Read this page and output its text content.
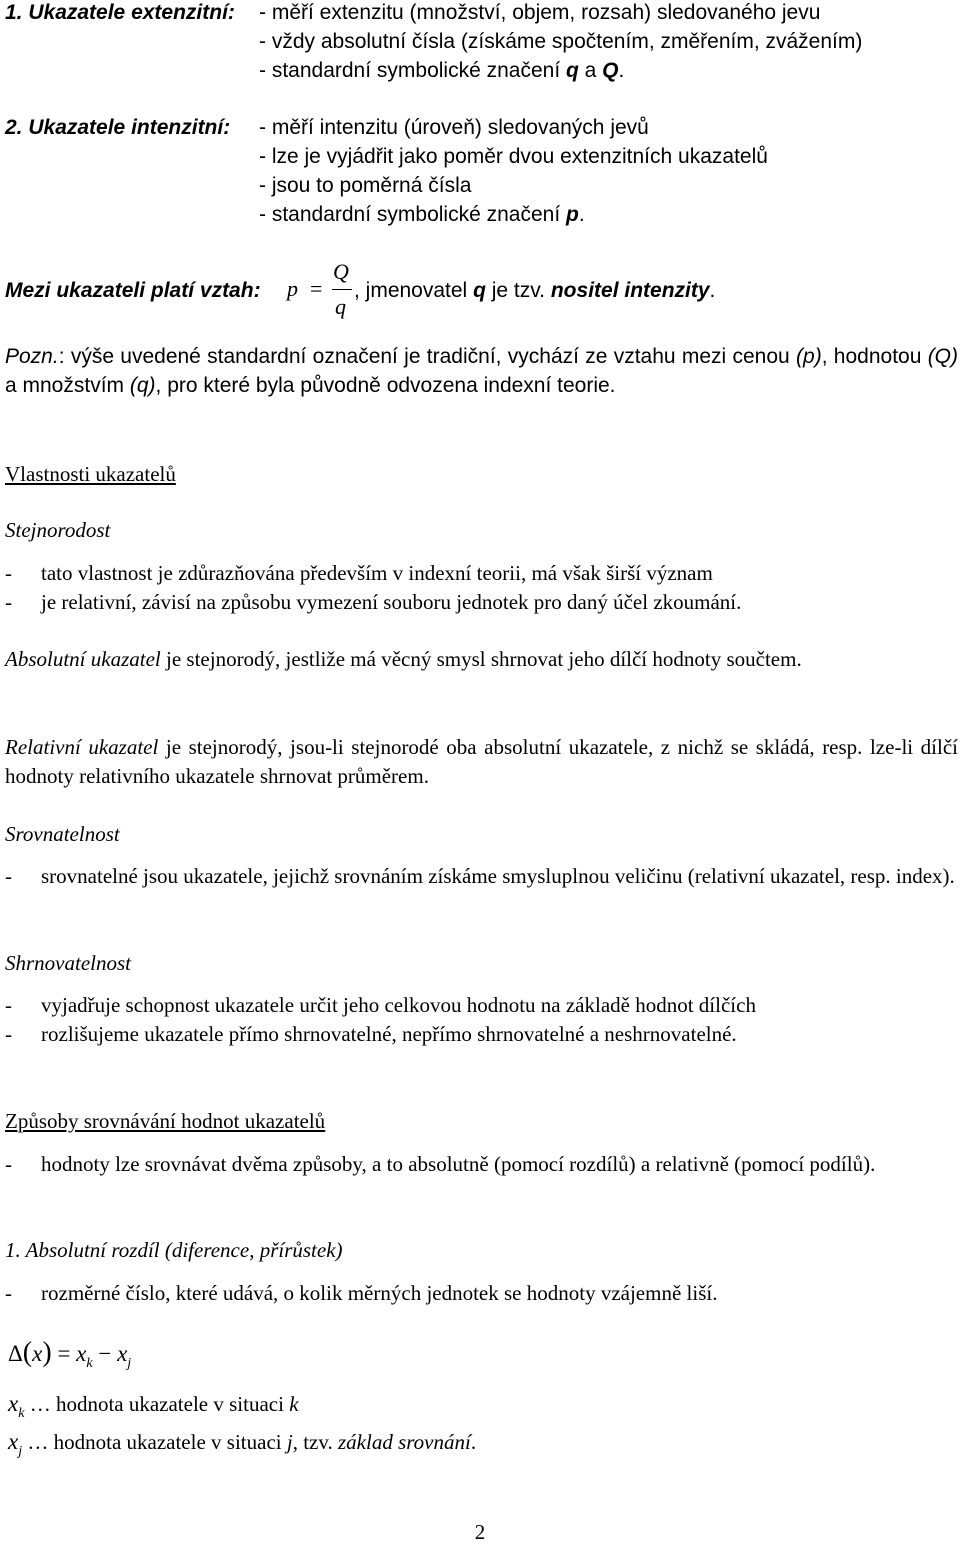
1. Ukazatele extenzitní: - měří extenzitu (množství, objem, rozsah) sledovaného jevu
- vždy absolutní čísla (získáme spočtením, změřením, zvážením)
- standardní symbolické značení q a Q.
2. Ukazatele intenzitní: - měří intenzitu (úroveň) sledovaných jevů
- lze je vyjádřit jako poměr dvou extenzitních ukazatelů
- jsou to poměrná čísla
- standardní symbolické značení p.
Mezi ukazateli platí vztah: p =
Q
q
, jmenovatel q je tzv. nositel intenzity.
Pozn.: výše uvedené standardní označení je tradiční, vychází ze vztahu mezi cenou (p), hodnotou (Q) a množstvím (q), pro které byla původně odvozena indexní teorie.
Vlastnosti ukazatelů
Stejnorodost
- tato vlastnost je zdůrazňována především v indexní teorii, má však širší význam
- je relativní, závisí na způsobu vymezení souboru jednotek pro daný účel zkoumání.
Absolutní ukazatel je stejnorodý, jestliže má věcný smysl shrnovat jeho dílčí hodnoty součtem.
Relativní ukazatel je stejnorodý, jsou-li stejnorodé oba absolutní ukazatele, z nichž se skládá, resp. lze-li dílčí hodnoty relativního ukazatele shrnovat průměrem.
Srovnatelnost
- srovnatelné jsou ukazatele, jejichž srovnáním získáme smysluplnou veličinu (relativní ukazatel, resp. index).
Shrnovatelnost
- vyjadřuje schopnost ukazatele určit jeho celkovou hodnotu na základě hodnot dílčích
- rozlišujeme ukazatele přímo shrnovatelné, nepřímo shrnovatelné a neshrnovatelné.
Způsoby srovnávání hodnot ukazatelů
- hodnoty lze srovnávat dvěma způsoby, a to absolutně (pomocí rozdílů) a relativně (pomocí podílů).
1. Absolutní rozdíl (diference, přírůstek)
- rozměrné číslo, které udává, o kolik měrných jednotek se hodnoty vzájemně liší.
$\Delta(x) = x_k - x_j$
$x_k$ … hodnota ukazatele v situaci k
$x_j$ … hodnota ukazatele v situaci j, tzv. základ srovnání.
2
